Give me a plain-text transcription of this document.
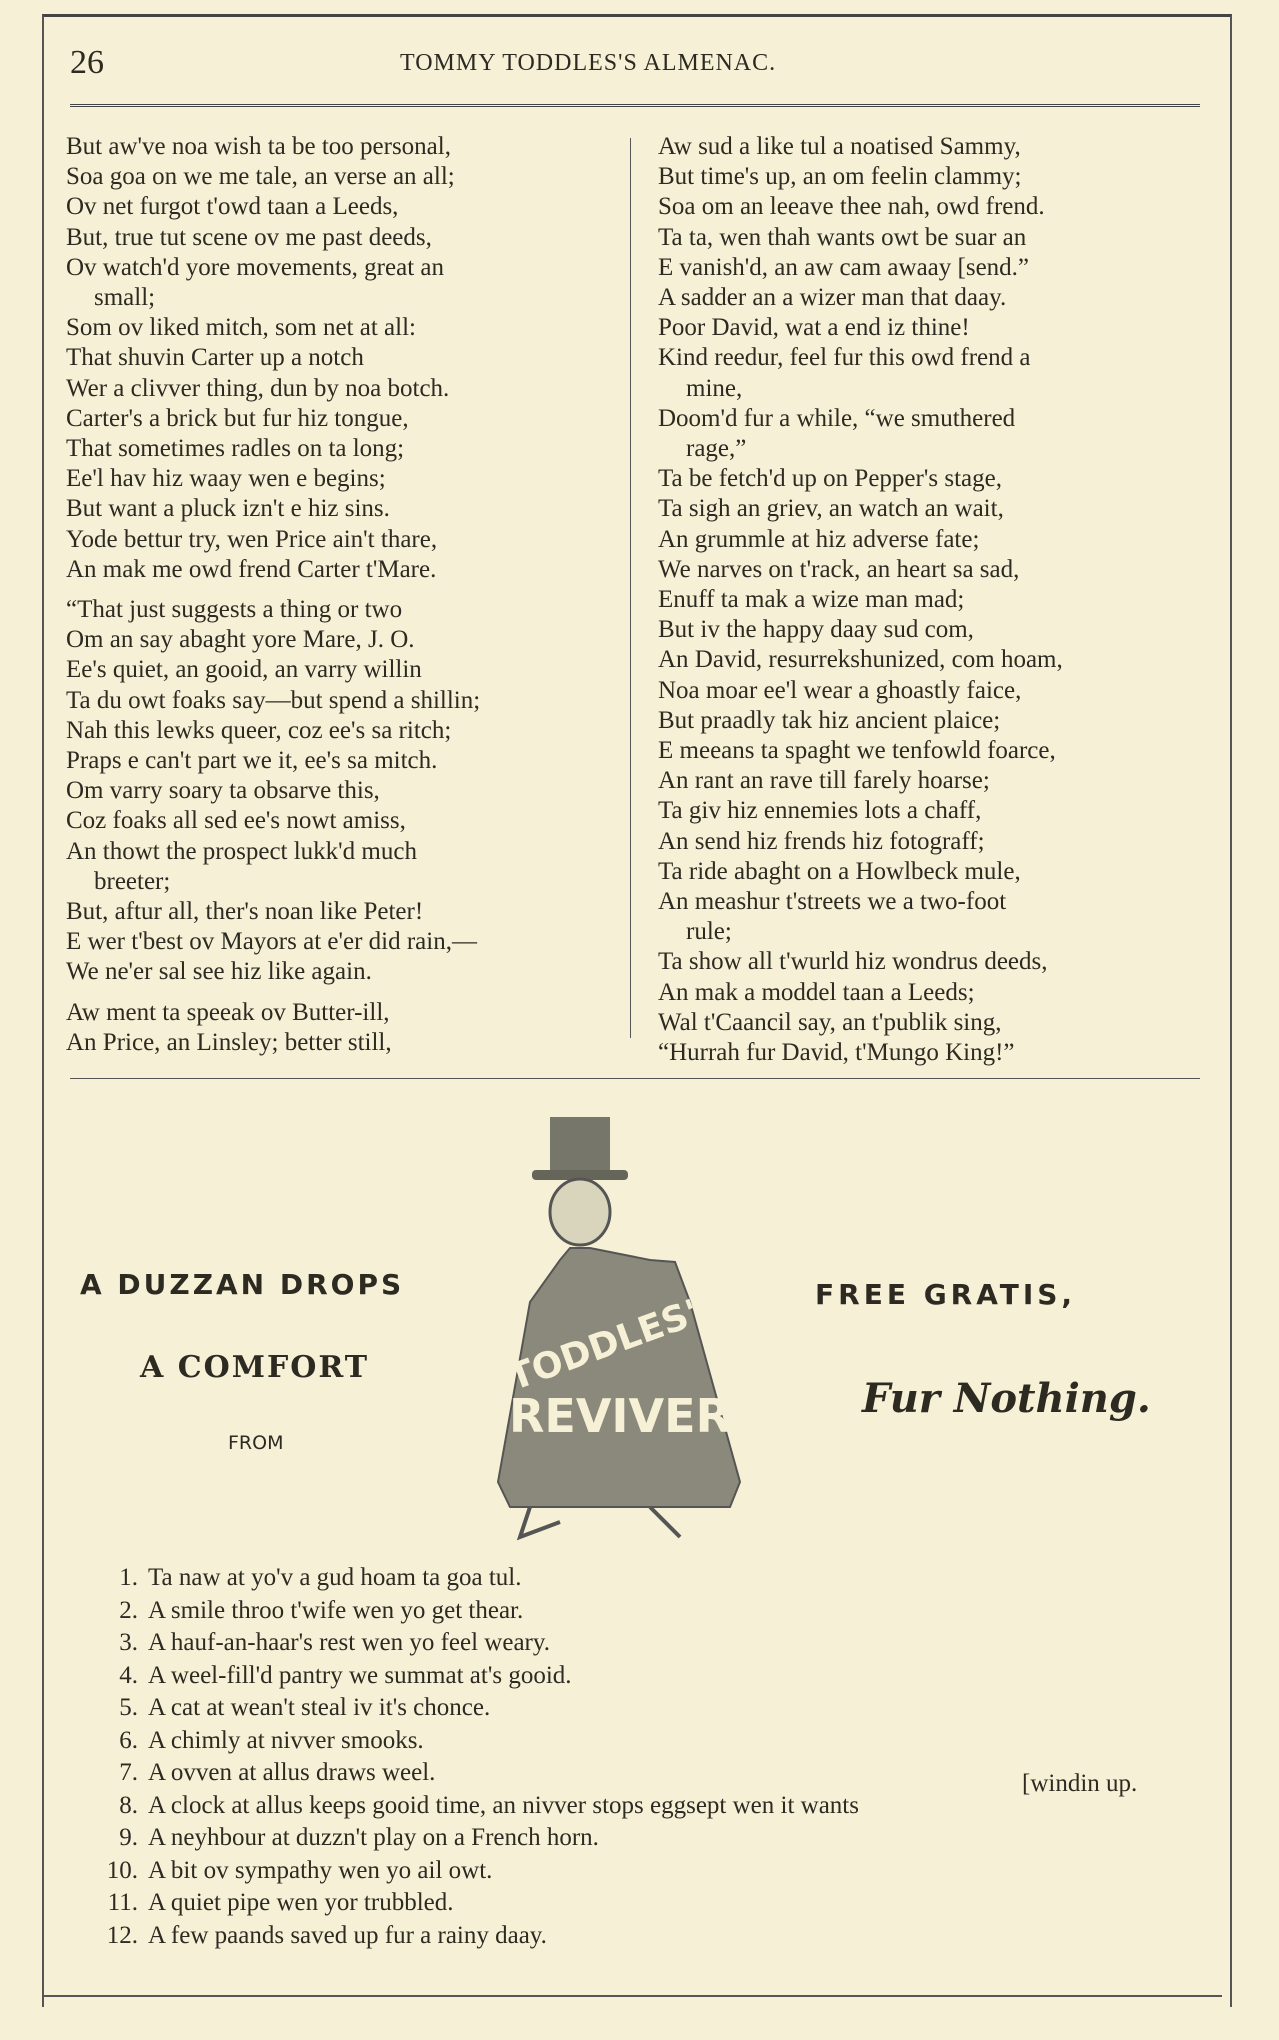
26	TOMMY TODDLES'S ALMENAC.
But aw've noa wish ta be too personal,
Soa goa on we me tale, an verse an all;
Ov net furgot t'owd taan a Leeds,
But, true tut scene ov me past deeds,
Ov watch'd yore movements, great an
small;
Som ov liked mitch, som net at all:
That shuvin Carter up a notch
Wer a clivver thing, dun by noa botch.
Carter's a brick but fur hiz tongue,
That sometimes radles on ta long;
Ee'l hav hiz waay wen e begins;
But want a pluck izn't e hiz sins.
Yode bettur try, wen Price ain't thare,
An mak me owd frend Carter t'Mare.
“That just suggests a thing or two
Om an say abaght yore Mare, J. O.
Ee's quiet, an gooid, an varry willin
Ta du owt foaks say—but spend a shillin;
Nah this lewks queer, coz ee's sa ritch;
Praps e can't part we it, ee's sa mitch.
Om varry soary ta obsarve this,
Coz foaks all sed ee's nowt amiss,
An thowt the prospect lukk'd much
breeter;
But, aftur all, ther's noan like Peter!
E wer t'best ov Mayors at e'er did rain,—
We ne'er sal see hiz like again.
Aw ment ta speeak ov Butter-ill,
An Price, an Linsley; better still,
Aw sud a like tul a noatised Sammy,
But time's up, an om feelin clammy;
Soa om an leeave thee nah, owd frend.
Ta ta, wen thah wants owt be suar an
E vanish'd, an aw cam awaay [send.”
A sadder an a wizer man that daay.
Poor David, wat a end iz thine!
Kind reedur, feel fur this owd frend a
mine,
Doom'd fur a while, “we smuthered
rage,”
Ta be fetch'd up on Pepper's stage,
Ta sigh an griev, an watch an wait,
An grummle at hiz adverse fate;
We narves on t'rack, an heart sa sad,
Enuff ta mak a wize man mad;
But iv the happy daay sud com,
An David, resurrekshunized, com hoam,
Noa moar ee'l wear a ghoastly faice,
But praadly tak hiz ancient plaice;
E meeans ta spaght we tenfowld foarce,
An rant an rave till farely hoarse;
Ta giv hiz ennemies lots a chaff,
An send hiz frends hiz fotograff;
Ta ride abaght on a Howlbeck mule,
An meashur t'streets we a two-foot
rule;
Ta show all t'wurld hiz wondrus deeds,
An mak a moddel taan a Leeds;
Wal t'Caancil say, an t'publik sing,
“Hurrah fur David, t'Mungo King!”
A DUZZAN DROPS
A COMFORT
FROM
TODDLES'S
REVIVER
FREE GRATIS,
Fur Nothing.
1. Ta naw at yo'v a gud hoam ta goa tul.
2. A smile throo t'wife wen yo get thear.
3. A hauf-an-haar's rest wen yo feel weary.
4. A weel-fill'd pantry we summat at's gooid.
5. A cat at wean't steal iv it's chonce.
6. A chimly at nivver smooks.
7. A ovven at allus draws weel.
8. A clock at allus keeps gooid time, an nivver stops eggsept wen it wants
9. A neyhbour at duzzn't play on a French horn.
10. A bit ov sympathy wen yo ail owt.
11. A quiet pipe wen yor trubbled.
12. A few paands saved up fur a rainy daay.
[windin up.
